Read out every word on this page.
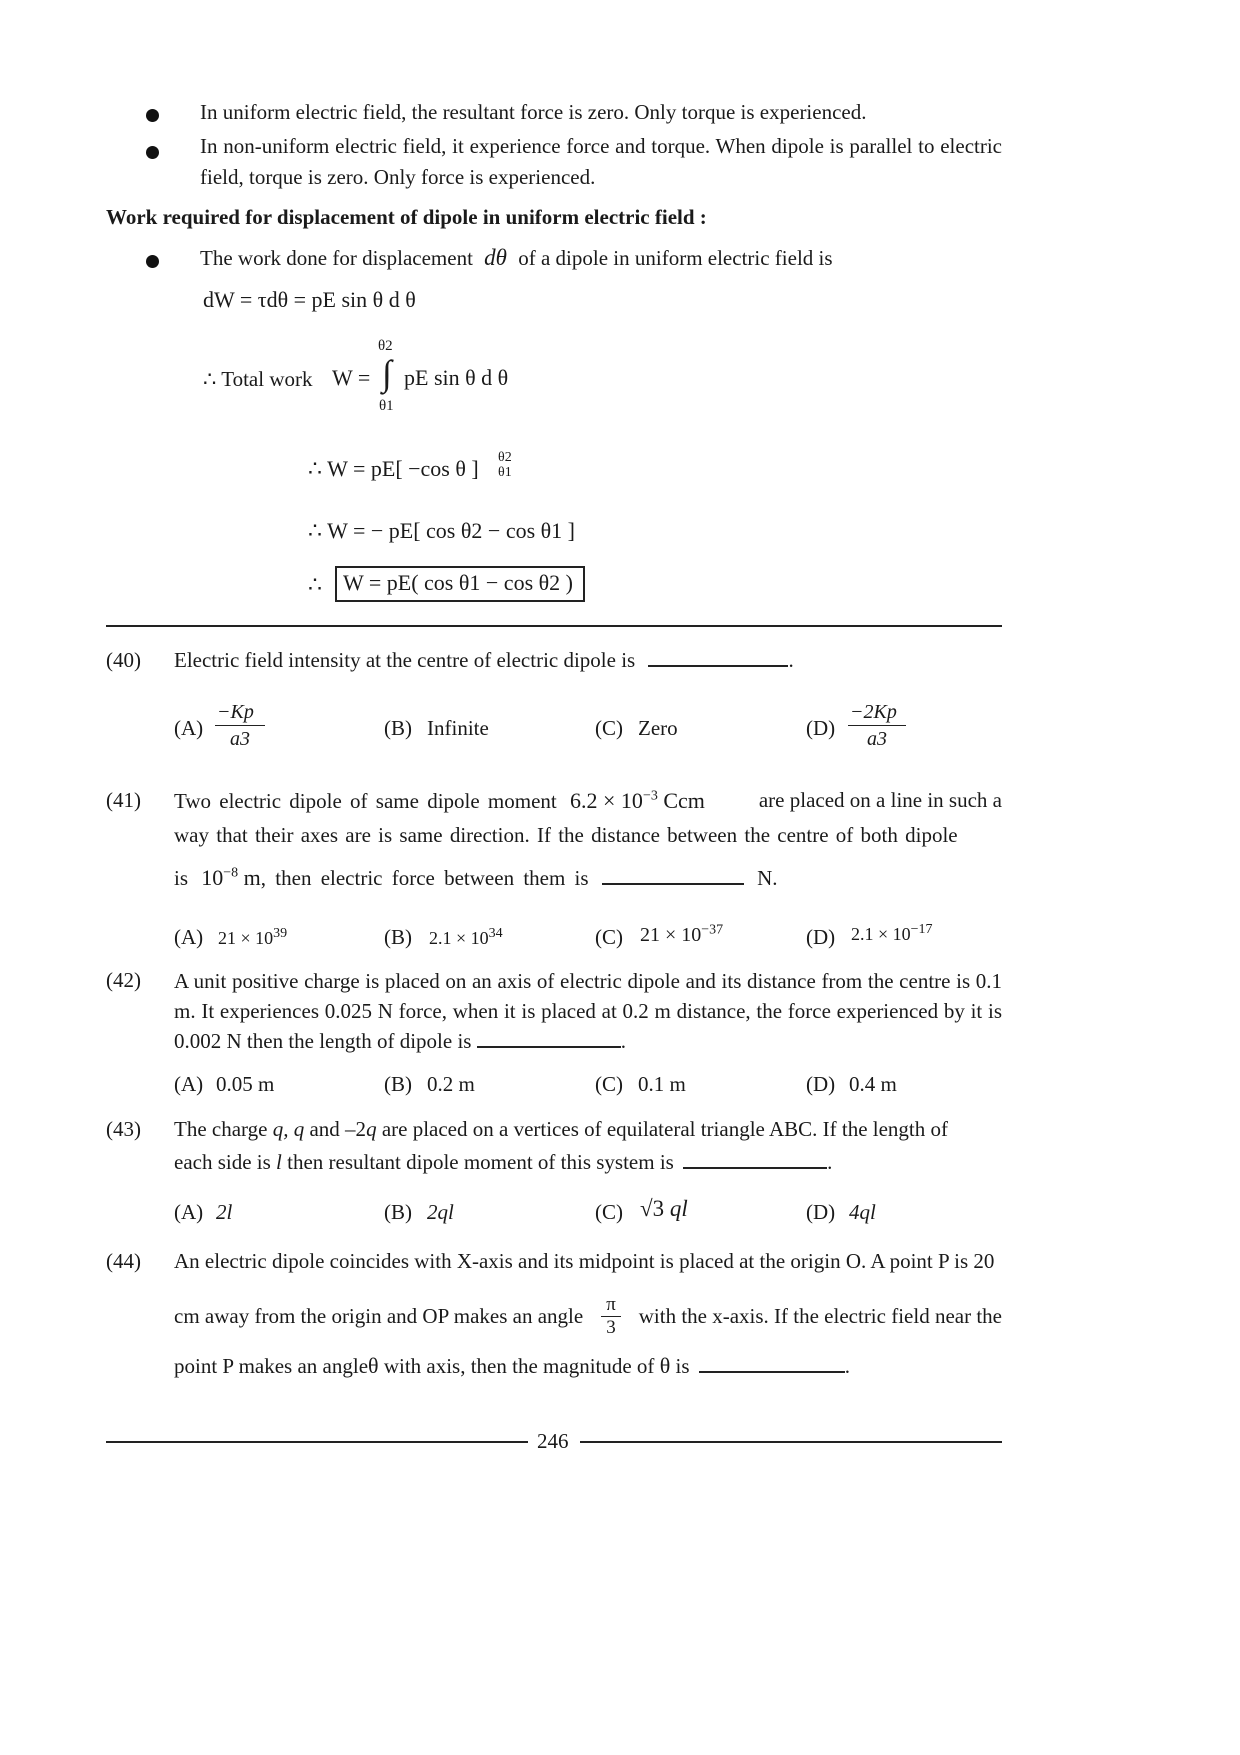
In uniform electric field, the resultant force is zero. Only torque is experienced.
In non-uniform electric field, it experience force and torque. When dipole is parallel to electric field, torque is zero. Only force is experienced.
Work required for displacement of dipole in uniform electric field :
The work done for displacement dθ of a dipole in uniform electric field is
dW = τdθ = pE sin θ d θ
∴ Total work W =
θ2
∫
θ1
pE sin θ d θ
∴ W = pE[ −cos θ ] θ2 θ1
∴ W = − pE[ cos θ2 − cos θ1 ]
∴ W = pE( cos θ1 − cos θ2 )
(40) Electric field intensity at the centre of electric dipole is	.
(A)
−Kp⃗
a3	(B) Infinite	(C) Zero	(D)
−2Kp⃗
a3
(41) Two electric dipole of same dipole moment $6.2 \times 10^{-3}$ Ccm	are placed on a line in such a
way that their axes are is same direction. If the distance between the centre of both dipole
is $10^{-8}$ m, then electric force between them is	N.
(A) $21 \times 10^{39}$	(B) $2.1 \times 10^{34}$	(C) $21 \times 10^{-37}$	(D) $2.1 \times 10^{-17}$
(42) A unit positive charge is placed on an axis of electric dipole and its distance from the centre is 0.1 m. It experiences 0.025 N force, when it is placed at 0.2 m distance, the force experienced by it is 0.002 N then the length of dipole is	.
(A) 0.05 m	(B) 0.2 m	(C) 0.1 m	(D) 0.4 m
(43) The charge q, q and –2q are placed on a vertices of equilateral triangle ABC. If the length of
each side is l then resultant dipole moment of this system is	.
(A) 2l	(B) 2ql	(C) √3 ql	(D) 4ql
(44) An electric dipole coincides with X-axis and its midpoint is placed at the origin O. A point P is 20
cm away from the origin and OP makes an angle	with the x-axis. If the electric field near the
π
3
point P makes an angleθ with axis, then the magnitude of θ is	.
246
